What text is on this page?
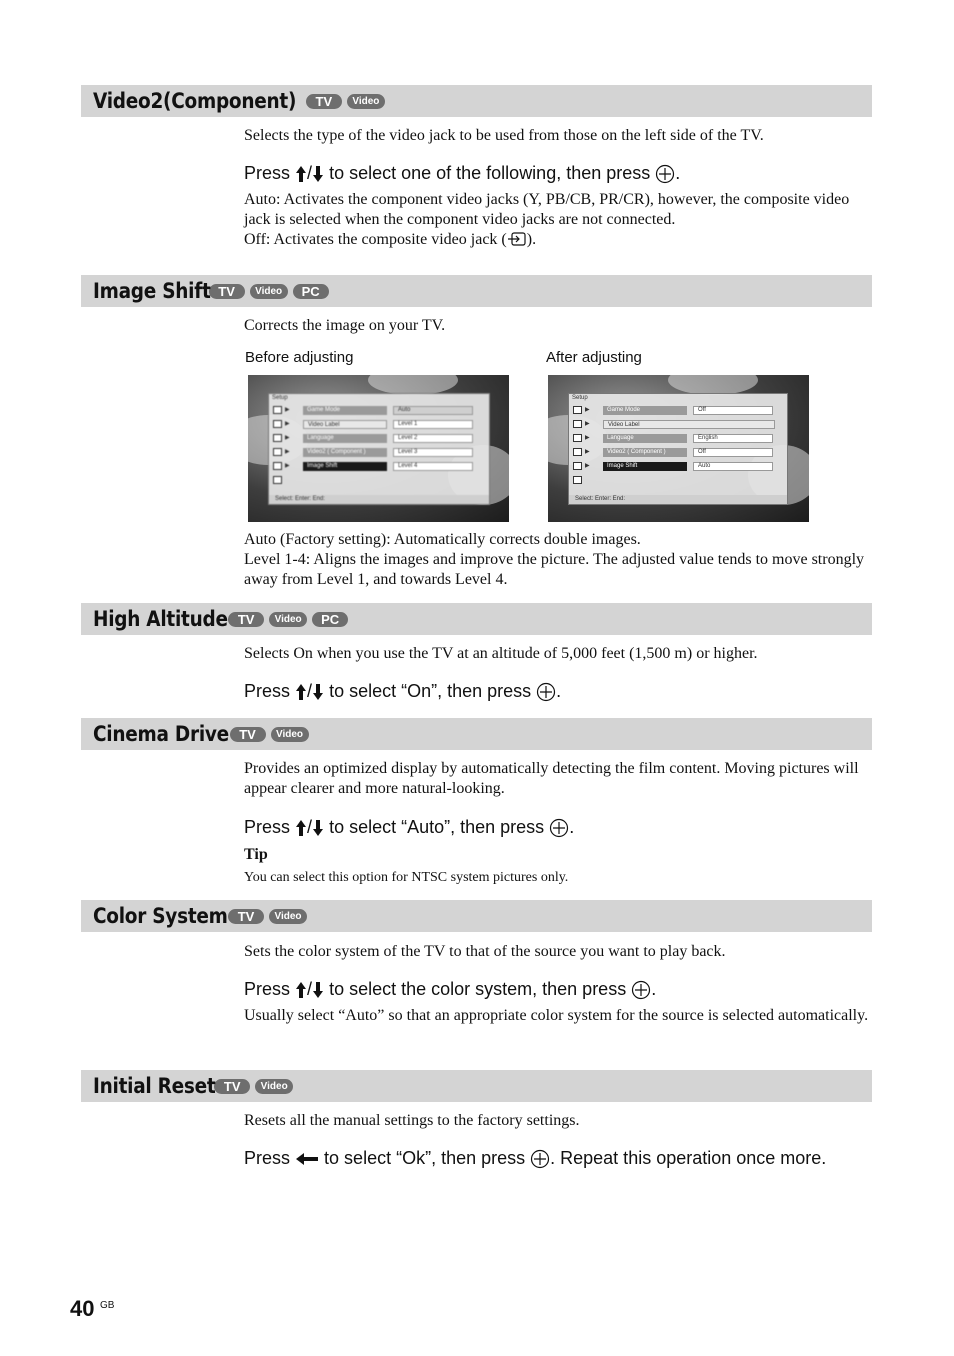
Video2(Component)	TV	Video
Selects the type of the video jack to be used from those on the left side of the TV.
Press
/
to select one of the following, then press
.
Auto: Activates the component video jacks (Y, PB/CB, PR/CR), however, the composite video jack is selected when the component video jacks are not connected.
Off: Activates the composite video jack ( ).
Image Shift TV	Video	PC
Corrects the image on your TV.
Before adjusting	After adjusting
Setup
▶
▶
▶
▶
▶
Game Mode
Video Label
Language
Video2 ( Component )
Image Shift
Auto
Level 1
Level 2
Level 3
Level 4
Select: Enter: End:
Setup
▶
▶
▶
▶
▶
Game Mode
Video Label
Language
Video2 ( Component )
Image Shift
Off
English
Off
Auto
Select: Enter: End:
Auto (Factory setting): Automatically corrects double images.
Level 1-4: Aligns the images and improve the picture. The adjusted value tends to move strongly away from Level 1, and towards Level 4.
High Altitude TV	Video	PC
Selects On when you use the TV at an altitude of 5,000 feet (1,500 m) or higher.
Press
/
to select “On”, then press
.
Cinema Drive TV	Video
Provides an optimized display by automatically detecting the film content. Moving pictures will appear clearer and more natural-looking.
Press
/
to select “Auto”, then press
.
Tip
You can select this option for NTSC system pictures only.
Color System TV	Video
Sets the color system of the TV to that of the source you want to play back.
Press
/
to select the color system, then press
.
Usually select “Auto” so that an appropriate color system for the source is selected automatically.
Initial Reset TV	Video
Resets all the manual settings to the factory settings.
Press

to select “Ok”, then press
. Repeat this operation once more.
40 GB
